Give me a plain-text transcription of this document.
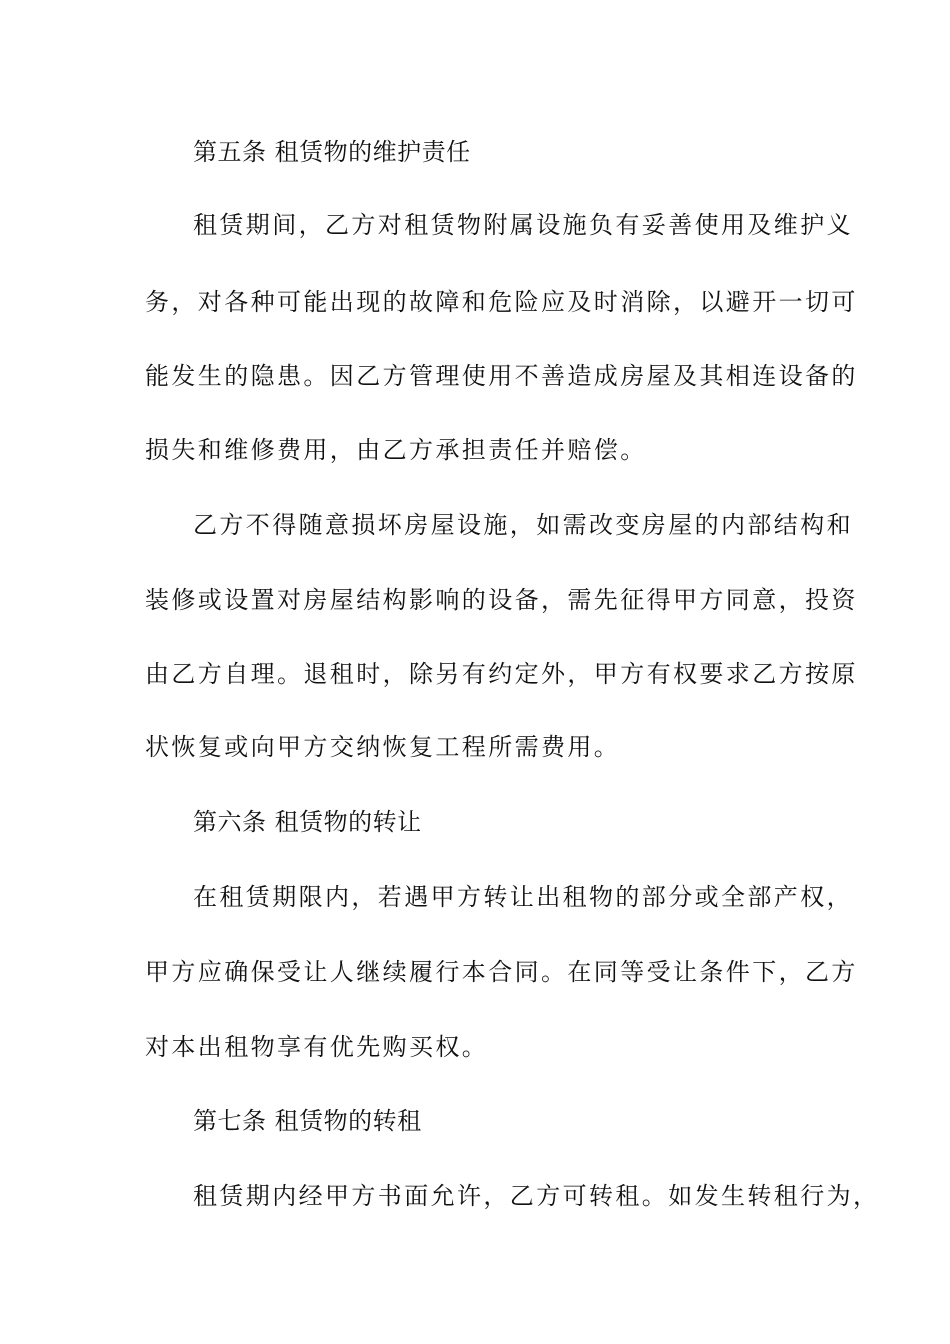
第五条 租赁物的维护责任
租赁期间，乙方对租赁物附属设施负有妥善使用及维护义
务，对各种可能出现的故障和危险应及时消除，以避开一切可
能发生的隐患。因乙方管理使用不善造成房屋及其相连设备的
损失和维修费用，由乙方承担责任并赔偿。
乙方不得随意损坏房屋设施，如需改变房屋的内部结构和
装修或设置对房屋结构影响的设备，需先征得甲方同意，投资
由乙方自理。退租时，除另有约定外，甲方有权要求乙方按原
状恢复或向甲方交纳恢复工程所需费用。
第六条 租赁物的转让
在租赁期限内，若遇甲方转让出租物的部分或全部产权，
甲方应确保受让人继续履行本合同。在同等受让条件下，乙方
对本出租物享有优先购买权。
第七条 租赁物的转租
租赁期内经甲方书面允许，乙方可转租。如发生转租行为，
